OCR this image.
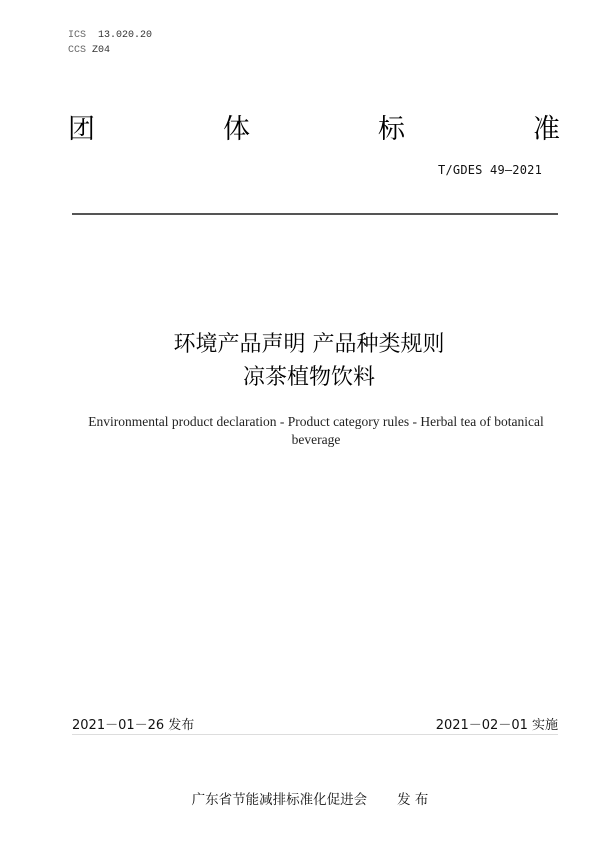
ICS 13.020.20
CCS Z04
团	体	标	准
T/GDES 49—2021
环境产品声明 产品种类规则
凉茶植物饮料
Environmental product declaration - Product category rules - Herbal tea of botanical
beverage
2021－01－26 发布	2021－02－01 实施
广东省节能减排标准化促进会 发 布
